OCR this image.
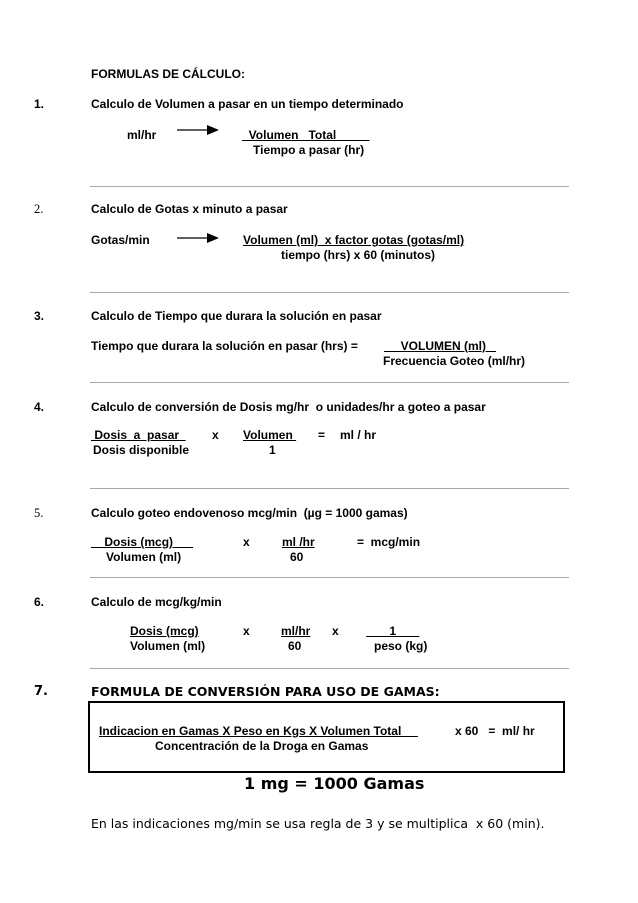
FORMULAS DE CÁLCULO:
1.	Calculo de Volumen a pasar en un tiempo determinado
ml/hr	Volumen   Total
Tiempo a pasar (hr)
2.	Calculo de Gotas x minuto a pasar
Gotas/min	Volumen (ml)  x factor gotas (gotas/ml)
tiempo (hrs) x 60 (minutos)
3.	Calculo de Tiempo que durara la solución en pasar
Tiempo que durara la solución en pasar (hrs) = VOLUMEN (ml)
Frecuencia Goteo (ml/hr)
4.	Calculo de conversión de Dosis mg/hr  o unidades/hr a goteo a pasar
Dosis  a  pasar
Dosis disponible
x Volumen
1
= ml / hr
5.	Calculo goteo endovenoso mcg/min  (µg = 1000 gamas)
Dosis (mcg)
Volumen (ml)
x	ml /hr
60
=  mcg/min
6.	Calculo de mcg/kg/min
Dosis (mcg)
Volumen (ml)
x	ml/hr
60
x 1
peso (kg)
7.	FORMULA DE CONVERSIÓN PARA USO DE GAMAS:
Indicacion en Gamas X Peso en Kgs X Volumen Total	x 60   =  ml/ hr
Concentración de la Droga en Gamas
1 mg = 1000 Gamas
En las indicaciones mg/min se usa regla de 3 y se multiplica  x 60 (min).
